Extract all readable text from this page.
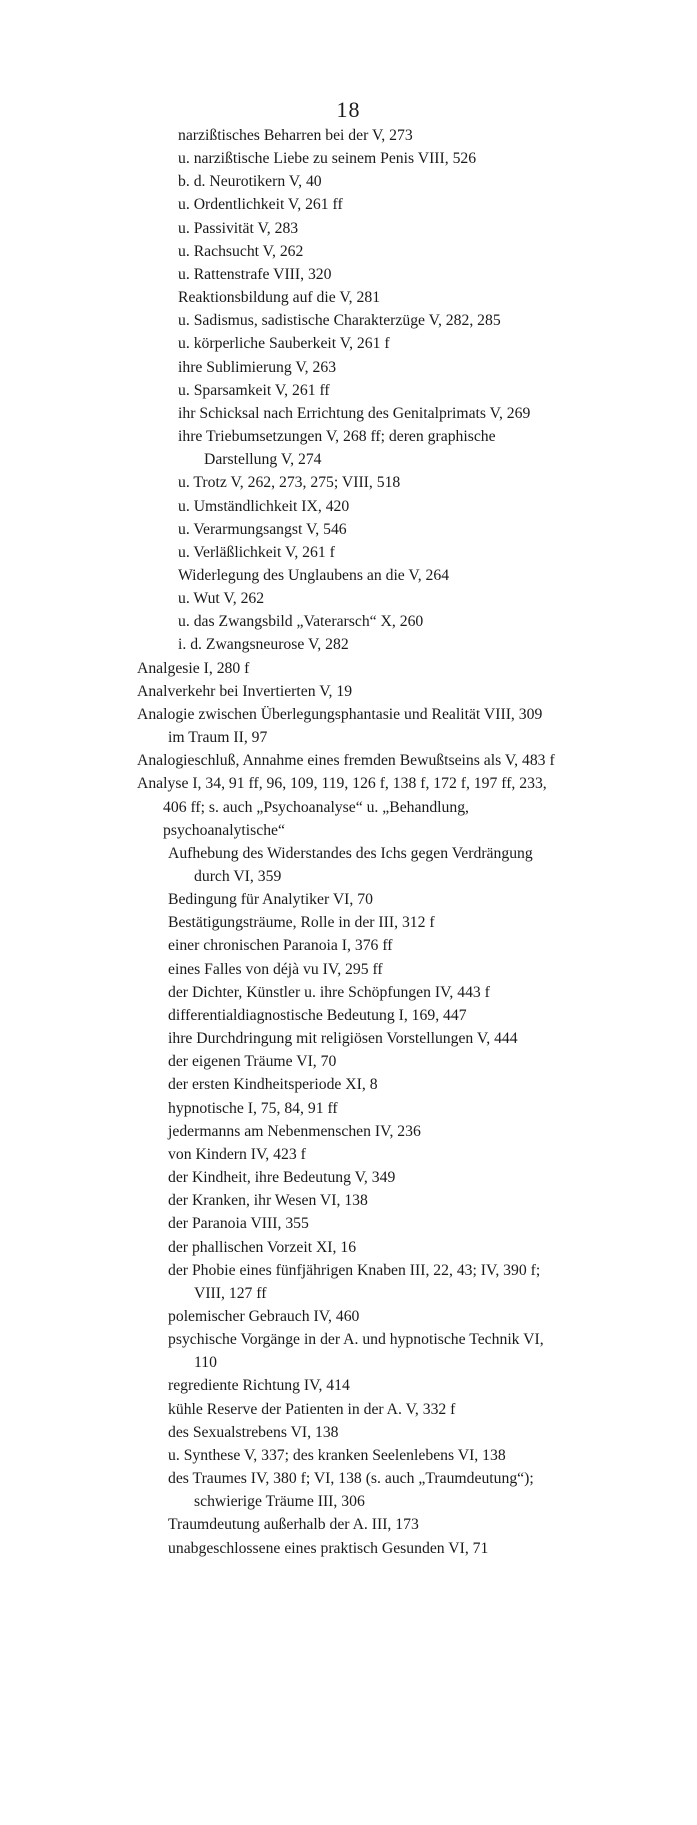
18
narzißtisches Beharren bei der V, 273
u. narzißtische Liebe zu seinem Penis VIII, 526
b. d. Neurotikern V, 40
u. Ordentlichkeit V, 261 ff
u. Passivität V, 283
u. Rachsucht V, 262
u. Rattenstrafe VIII, 320
Reaktionsbildung auf die V, 281
u. Sadismus, sadistische Charakterzüge V, 282, 285
u. körperliche Sauberkeit V, 261 f
ihre Sublimierung V, 263
u. Sparsamkeit V, 261 ff
ihr Schicksal nach Errichtung des Genitalprimats V, 269
ihre Triebumsetzungen V, 268 ff; deren graphische Darstellung V, 274
u. Trotz V, 262, 273, 275; VIII, 518
u. Umständlichkeit IX, 420
u. Verarmungsangst V, 546
u. Verläßlichkeit V, 261 f
Widerlegung des Unglaubens an die V, 264
u. Wut V, 262
u. das Zwangsbild „Vaterarsch“ X, 260
i. d. Zwangsneurose V, 282
Analgesie I, 280 f
Analverkehr bei Invertierten V, 19
Analogie zwischen Überlegungsphantasie und Realität VIII, 309
im Traum II, 97
Analogieschluß, Annahme eines fremden Bewußtseins als V, 483 f
Analyse I, 34, 91 ff, 96, 109, 119, 126 f, 138 f, 172 f, 197 ff, 233, 406 ff; s. auch „Psychoanalyse“ u. „Behandlung, psychoanalytische“
Aufhebung des Widerstandes des Ichs gegen Verdrängung durch VI, 359
Bedingung für Analytiker VI, 70
Bestätigungsträume, Rolle in der III, 312 f
einer chronischen Paranoia I, 376 ff
eines Falles von déjà vu IV, 295 ff
der Dichter, Künstler u. ihre Schöpfungen IV, 443 f
differentialdiagnostische Bedeutung I, 169, 447
ihre Durchdringung mit religiösen Vorstellungen V, 444
der eigenen Träume VI, 70
der ersten Kindheitsperiode XI, 8
hypnotische I, 75, 84, 91 ff
jedermanns am Nebenmenschen IV, 236
von Kindern IV, 423 f
der Kindheit, ihre Bedeutung V, 349
der Kranken, ihr Wesen VI, 138
der Paranoia VIII, 355
der phallischen Vorzeit XI, 16
der Phobie eines fünfjährigen Knaben III, 22, 43; IV, 390 f; VIII, 127 ff
polemischer Gebrauch IV, 460
psychische Vorgänge in der A. und hypnotische Technik VI, 110
regrediente Richtung IV, 414
kühle Reserve der Patienten in der A. V, 332 f
des Sexualstrebens VI, 138
u. Synthese V, 337; des kranken Seelenlebens VI, 138
des Traumes IV, 380 f; VI, 138 (s. auch „Traumdeutung“); schwierige Träume III, 306
Traumdeutung außerhalb der A. III, 173
unabgeschlossene eines praktisch Gesunden VI, 71
